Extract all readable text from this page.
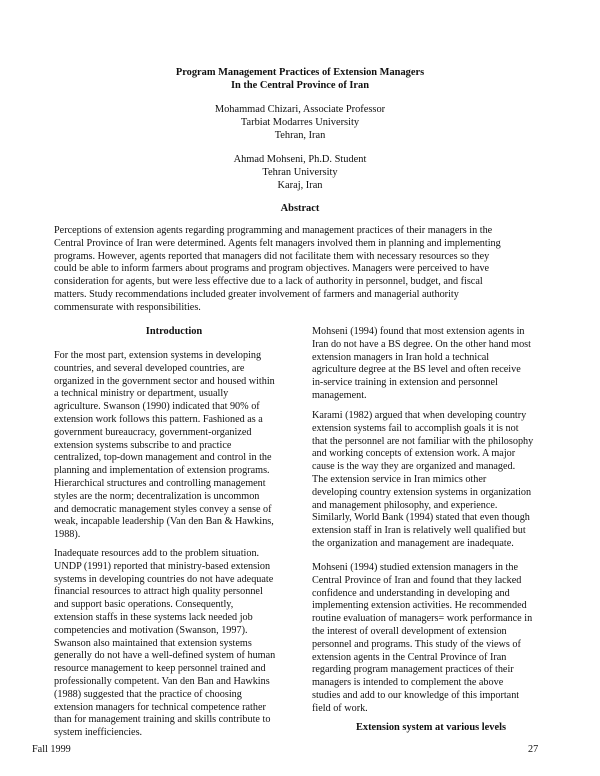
Program Management Practices of Extension Managers
In the Central Province of Iran
Mohammad Chizari, Associate Professor
Tarbiat Modarres University
Tehran, Iran
Ahmad Mohseni, Ph.D. Student
Tehran University
Karaj, Iran
Abstract
Perceptions of extension agents regarding programming and management practices of their managers in the
Central Province of Iran were determined. Agents felt managers involved them in planning and implementing
programs. However, agents reported that managers did not facilitate them with necessary resources so they
could be able to inform farmers about programs and program objectives. Managers were perceived to have
consideration for agents, but were less effective due to a lack of authority in personnel, budget, and fiscal
matters. Study recommendations included greater involvement of farmers and managerial authority
commensurate with responsibilities.
Introduction
For the most part, extension systems in developing
countries, and several developed countries, are
organized in the government sector and housed within
a technical ministry or department, usually
agriculture. Swanson (1990) indicated that 90% of
extension work follows this pattern. Fashioned as a
government bureaucracy, government-organized
extension systems subscribe to and practice
centralized, top-down management and control in the
planning and implementation of extension programs.
Hierarchical structures and controlling management
styles are the norm; decentralization is uncommon
and democratic management styles convey a sense of
weak, incapable leadership (Van den Ban & Hawkins,
1988).
Inadequate resources add to the problem situation.
UNDP (1991) reported that ministry-based extension
systems in developing countries do not have adequate
financial resources to attract high quality personnel
and support basic operations. Consequently,
extension staffs in these systems lack needed job
competencies and motivation (Swanson, 1997).
Swanson also maintained that extension systems
generally do not have a well-defined system of human
resource management to keep personnel trained and
professionally competent. Van den Ban and Hawkins
(1988) suggested that the practice of choosing
extension managers for technical competence rather
than for management training and skills contribute to
system inefficiencies.
Mohseni (1994) found that most extension agents in
Iran do not have a BS degree. On the other hand most
extension managers in Iran hold a technical
agriculture degree at the BS level and often receive
in-service training in extension and personnel
management.
Karami (1982) argued that when developing country
extension systems fail to accomplish goals it is not
that the personnel are not familiar with the philosophy
and working concepts of extension work. A major
cause is the way they are organized and managed.
The extension service in Iran mimics other
developing country extension systems in organization
and management philosophy, and experience.
Similarly, World Bank (1994) stated that even though
extension staff in Iran is relatively well qualified but
the organization and management are inadequate.
Mohseni (1994) studied extension managers in the
Central Province of Iran and found that they lacked
confidence and understanding in developing and
implementing extension activities. He recommended
routine evaluation of managers= work performance in
the interest of overall development of extension
personnel and programs. This study of the views of
extension agents in the Central Province of Iran
regarding program management practices of their
managers is intended to complement the above
studies and add to our knowledge of this important
field of work.
Extension system at various levels
Fall 1999	27
